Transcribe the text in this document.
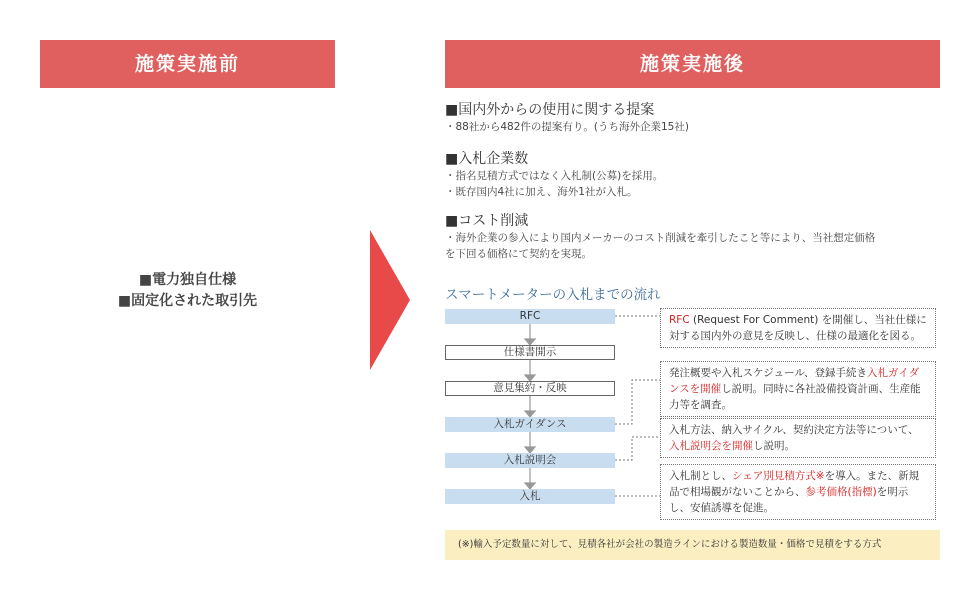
施策実施前	施策実施後
■電力独自仕様
■固定化された取引先
■国内外からの使用に関する提案
・88社から482件の提案有り。(うち海外企業15社)
■入札企業数
・指名見積方式ではなく入札制(公募)を採用。
・既存国内4社に加え、海外1社が入札。
■コスト削減
・海外企業の参入により国内メーカーのコスト削減を牽引したこと等により、当社想定価格
を下回る価格にて契約を実現。
スマートメーターの入札までの流れ
RFC
仕様書開示
意見集約・反映
入札ガイダンス
入札説明会
入札
RFC (Request For Comment) を開催し、当社仕様に対する国内外の意見を反映し、仕様の最適化を図る。
発注概要や入札スケジュール、登録手続き入札ガイダンスを開催し説明。同時に各社設備投資計画、生産能力等を調査。
入札方法、納入サイクル、契約決定方法等について、入札説明会を開催し説明。
入札制とし、シェア別見積方式※を導入。また、新規品で相場観がないことから、参考価格(指標)を明示し、安値誘導を促進。
(※)輸入予定数量に対して、見積各社が会社の製造ラインにおける製造数量・価格で見積をする方式
